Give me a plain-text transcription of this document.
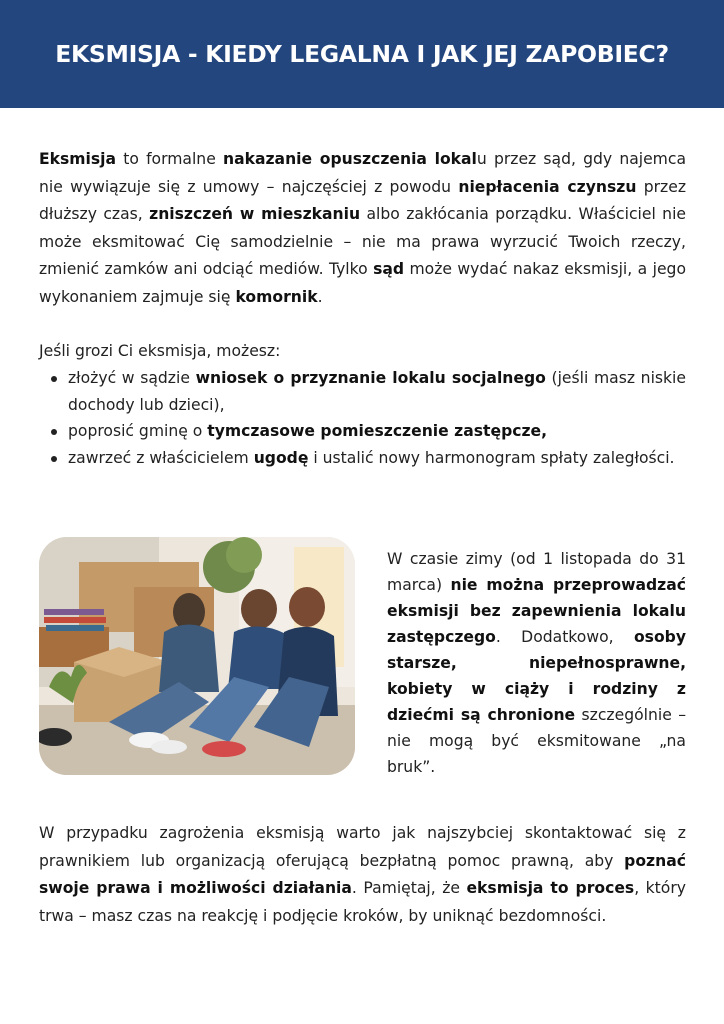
EKSMISJA - KIEDY LEGALNA I JAK JEJ ZAPOBIEC?

Eksmisja to formalne nakazanie opuszczenia lokalu przez sąd, gdy najemca nie wywiązuje się z umowy – najczęściej z powodu niepłacenia czynszu przez dłuższy czas, zniszczeń w mieszkaniu albo zakłócania porządku. Właściciel nie może eksmitować Cię samodzielnie – nie ma prawa wyrzucić Twoich rzeczy, zmienić zamków ani odciąć mediów. Tylko sąd może wydać nakaz eksmisji, a jego wykonaniem zajmuje się komornik.

Jeśli grozi Ci eksmisja, możesz:

złożyć w sądzie wniosek o przyznanie lokalu socjalnego (jeśli masz niskie dochody lub dzieci),
poprosić gminę o tymczasowe pomieszczenie zastępcze,
zawrzeć z właścicielem ugodę i ustalić nowy harmonogram spłaty zaległości.

W czasie zimy (od 1 listopada do 31 marca) nie można przeprowadzać eksmisji bez zapewnienia lokalu zastępczego. Dodatkowo, osoby starsze, niepełnosprawne, kobiety w ciąży i rodziny z dziećmi są chronione szczególnie – nie mogą być eksmitowane „na bruk”.

W przypadku zagrożenia eksmisją warto jak najszybciej skontaktować się z prawnikiem lub organizacją oferującą bezpłatną pomoc prawną, aby poznać swoje prawa i możliwości działania. Pamiętaj, że eksmisja to proces, który trwa – masz czas na reakcję i podjęcie kroków, by uniknąć bezdomności.
